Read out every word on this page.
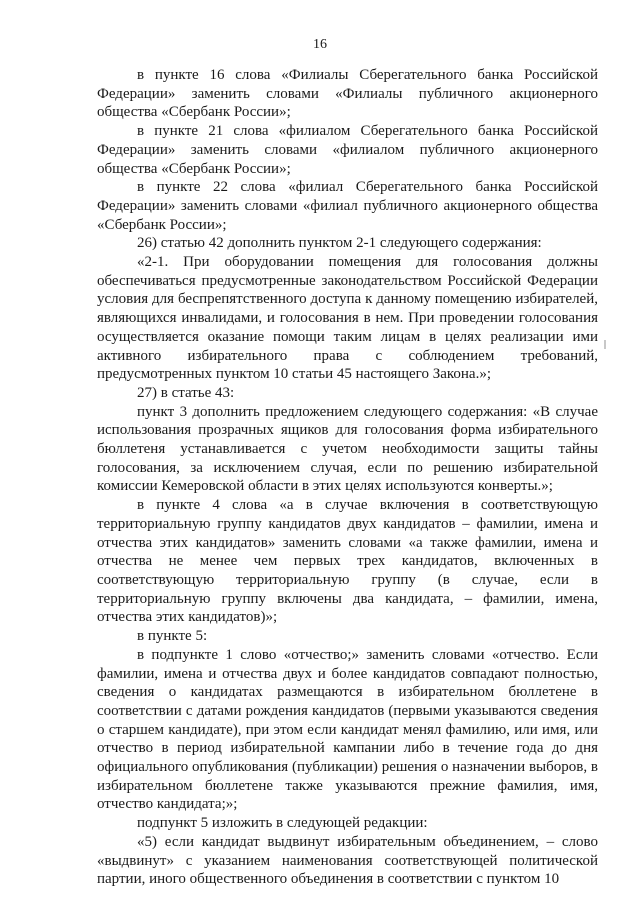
16

в пункте 16 слова «Филиалы Сберегательного банка Российской Федерации» заменить словами «Филиалы публичного акционерного общества «Сбербанк России»;

в пункте 21 слова «филиалом Сберегательного банка Российской Федерации» заменить словами «филиалом публичного акционерного общества «Сбербанк России»;

в пункте 22 слова «филиал Сберегательного банка Российской Федерации» заменить словами «филиал публичного акционерного общества «Сбербанк России»;

26) статью 42 дополнить пунктом 2-1 следующего содержания:

«2-1. При оборудовании помещения для голосования должны обеспечиваться предусмотренные законодательством Российской Федерации условия для беспрепятственного доступа к данному помещению избирателей, являющихся инвалидами, и голосования в нем. При проведении голосования осуществляется оказание помощи таким лицам в целях реализации ими активного избирательного права с соблюдением требований, предусмотренных пунктом 10 статьи 45 настоящего Закона.»;

27) в статье 43:

пункт 3 дополнить предложением следующего содержания: «В случае использования прозрачных ящиков для голосования форма избирательного бюллетеня устанавливается с учетом необходимости защиты тайны голосования, за исключением случая, если по решению избирательной комиссии Кемеровской области в этих целях используются конверты.»;

в пункте 4 слова «а в случае включения в соответствующую территориальную группу кандидатов двух кандидатов – фамилии, имена и отчества этих кандидатов» заменить словами «а также фамилии, имена и отчества не менее чем первых трех кандидатов, включенных в соответствующую территориальную группу (в случае, если в территориальную группу включены два кандидата, – фамилии, имена, отчества этих кандидатов)»;

в пункте 5:

в подпункте 1 слово «отчество;» заменить словами «отчество. Если фамилии, имена и отчества двух и более кандидатов совпадают полностью, сведения о кандидатах размещаются в избирательном бюллетене в соответствии с датами рождения кандидатов (первыми указываются сведения о старшем кандидате), при этом если кандидат менял фамилию, или имя, или отчество в период избирательной кампании либо в течение года до дня официального опубликования (публикации) решения о назначении выборов, в избирательном бюллетене также указываются прежние фамилия, имя, отчество кандидата;»;

подпункт 5 изложить в следующей редакции:

«5) если кандидат выдвинут избирательным объединением, – слово «выдвинут» с указанием наименования соответствующей политической партии, иного общественного объединения в соответствии с пунктом 10
